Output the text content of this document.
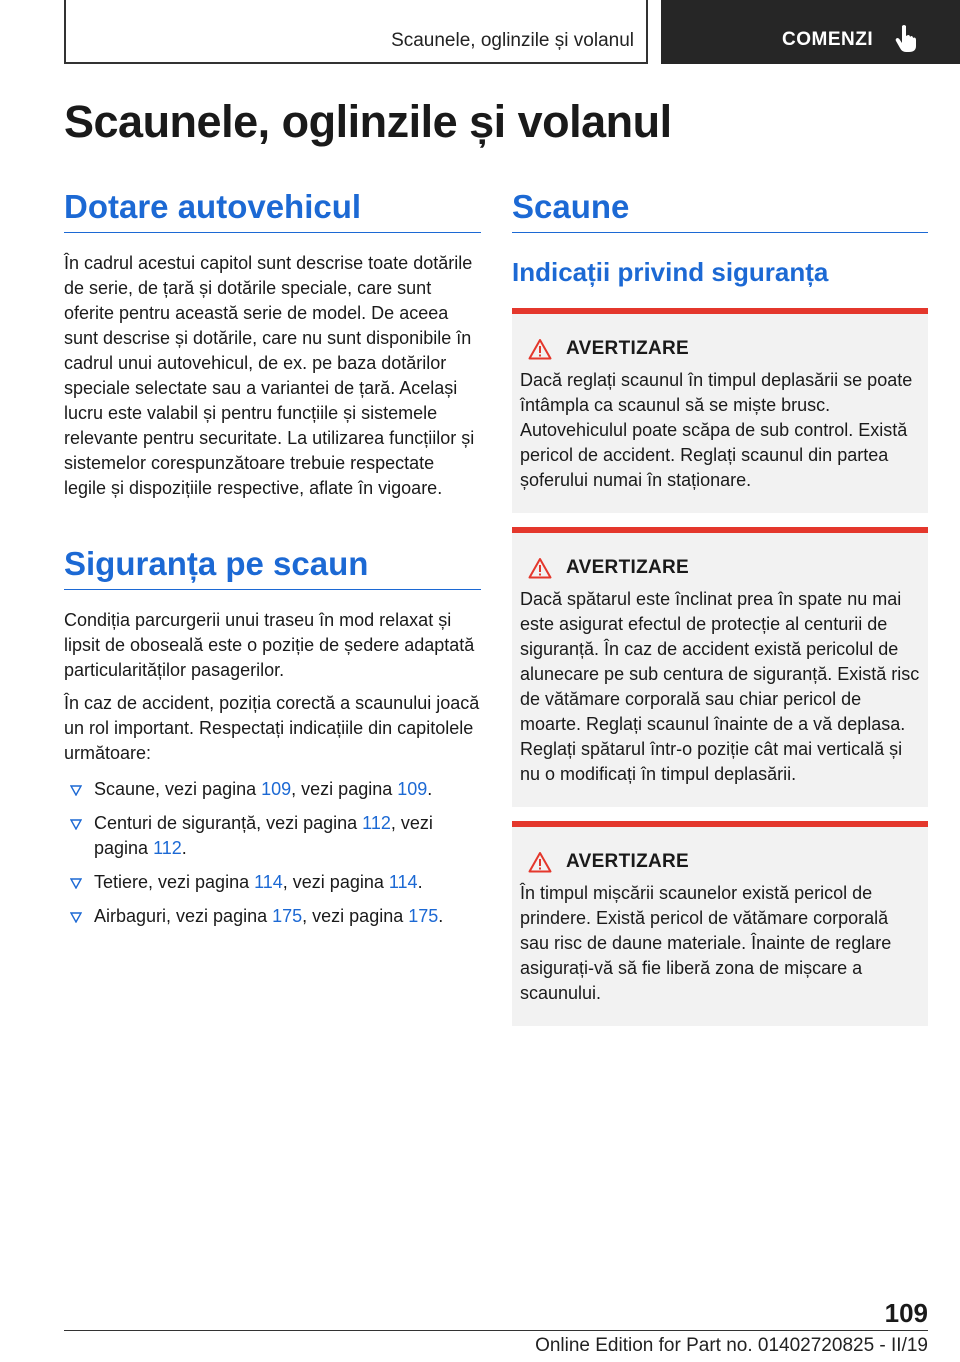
Scaunele, oglinzile și volanul	COMENZI
Scaunele, oglinzile și volanul
Dotare autovehicul

În cadrul acestui capitol sunt descrise toate dotările de serie, de țară și dotările speciale, care sunt oferite pentru această serie de model. De aceea sunt descrise și dotările, care nu sunt disponibile în cadrul unui autovehicul, de ex. pe baza dotărilor speciale selectate sau a variantei de țară. Același lucru este valabil și pentru funcțiile și sistemele relevante pentru securitate. La utilizarea funcțiilor și sistemelor corespunzătoare trebuie respectate legile și dispozițiile respective, aflate în vigoare.

Siguranța pe scaun

Condiția parcurgerii unui traseu în mod relaxat și lipsit de oboseală este o poziție de ședere adaptată particularităților pasagerilor.

În caz de accident, poziția corectă a scaunului joacă un rol important. Respectați indicațiile din capitolele următoare:

Scaune, vezi pagina 109, vezi pagina 109.
Centuri de siguranță, vezi pagina 112, vezi pagina 112.
Tetiere, vezi pagina 114, vezi pagina 114.
Airbaguri, vezi pagina 175, vezi pagina 175.
Scaune
Indicații privind siguranța
AVERTIZARE

Dacă reglați scaunul în timpul deplasării se poate întâmpla ca scaunul să se miște brusc. Autovehiculul poate scăpa de sub control. Există pericol de accident. Reglați scaunul din partea șoferului numai în staționare.

AVERTIZARE

Dacă spătarul este înclinat prea în spate nu mai este asigurat efectul de protecție al centurii de siguranță. În caz de accident există pericolul de alunecare pe sub centura de siguranță. Există risc de vătămare corporală sau chiar pericol de moarte. Reglați scaunul înainte de a vă deplasa. Reglați spătarul într-o poziție cât mai verticală și nu o modificați în timpul deplasării.

AVERTIZARE

În timpul mișcării scaunelor există pericol de prindere. Există pericol de vătămare corporală sau risc de daune materiale. Înainte de reglare asigurați-vă să fie liberă zona de mișcare a scaunului.

109
Online Edition for Part no. 01402720825 - II/19
